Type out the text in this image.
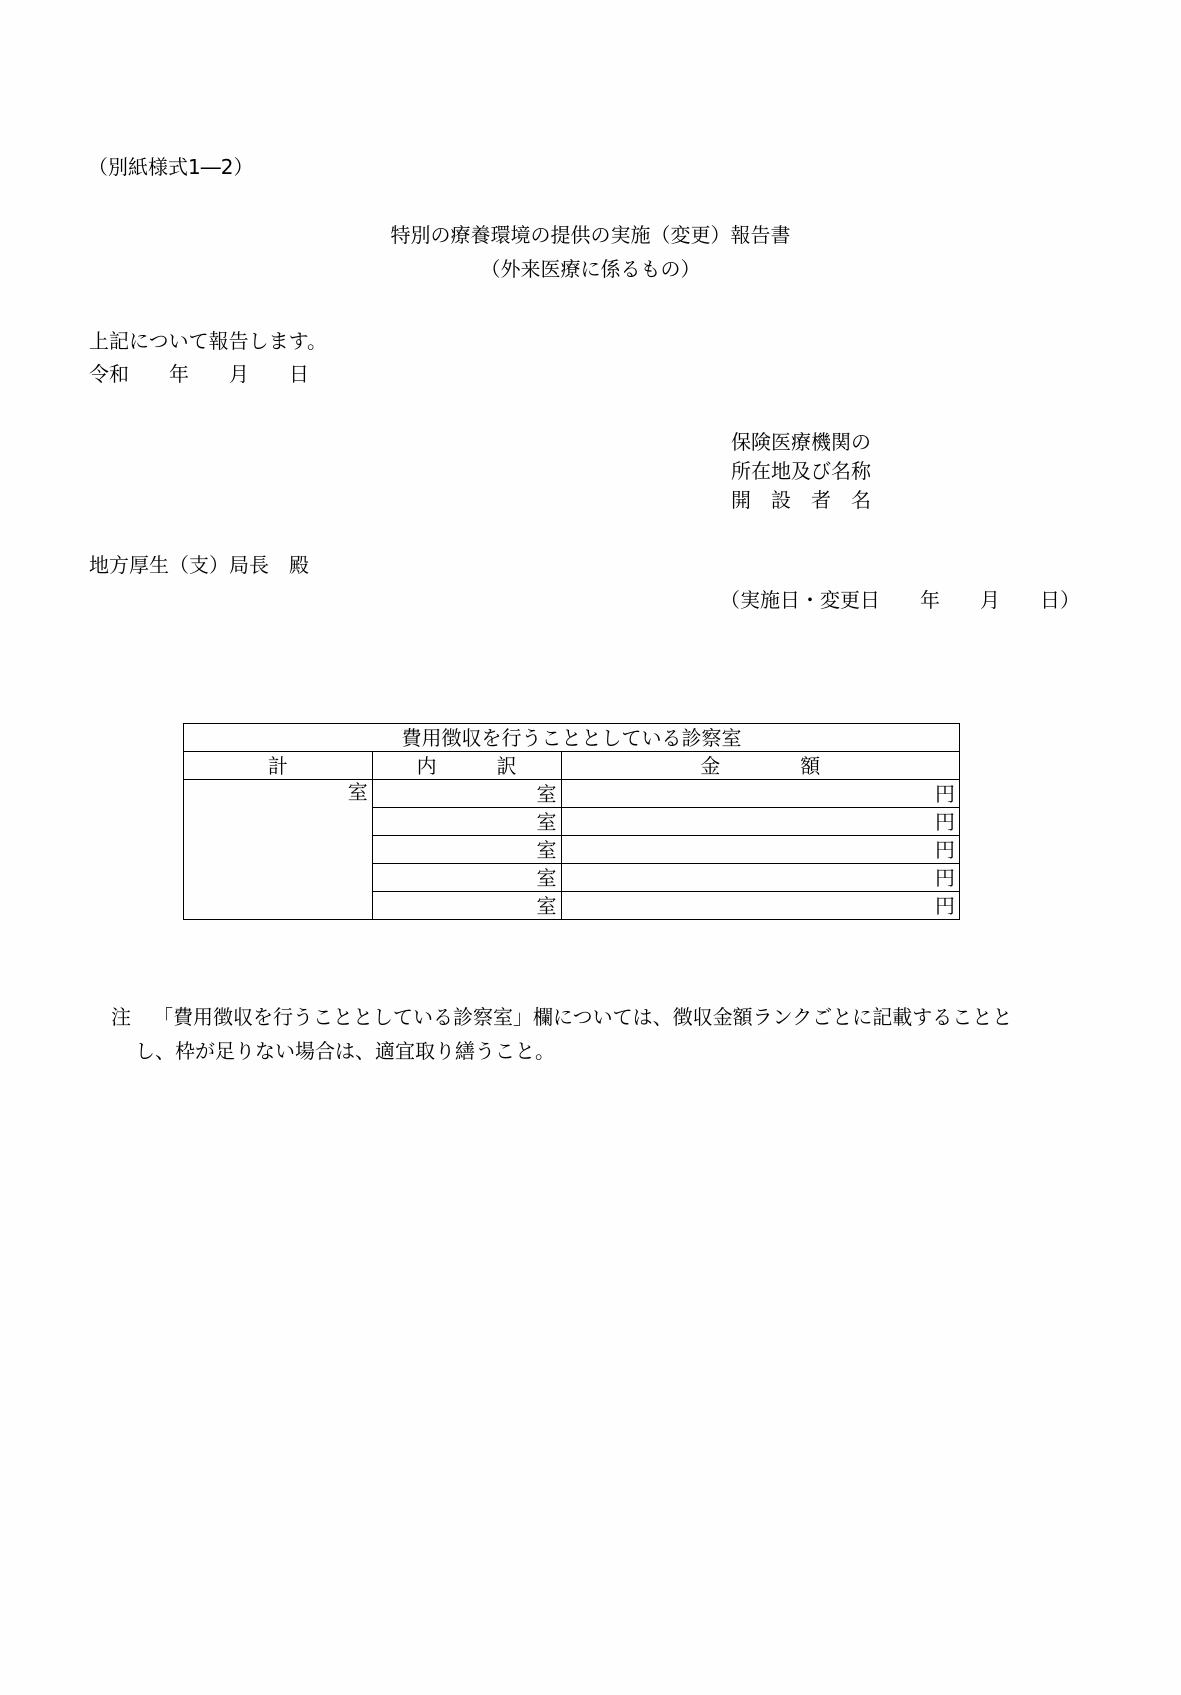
（別紙様式1―2）
特別の療養環境の提供の実施（変更）報告書
（外来医療に係るもの）
上記について報告します。
令和　　年　　月　　日
保険医療機関の
所在地及び名称
開　設　者　名
地方厚生（支）局長　殿
（実施日・変更日　　年　　月　　日）
費用徴収を行うこととしている診察室		
計	内　　　訳	金　　　　額
室	室	円
	室	円
	室	円
	室	円
	室	円
注 「費用徴収を行うこととしている診察室」欄については、徴収金額ランクごとに記載することと
し、枠が足りない場合は、適宜取り繕うこと。
